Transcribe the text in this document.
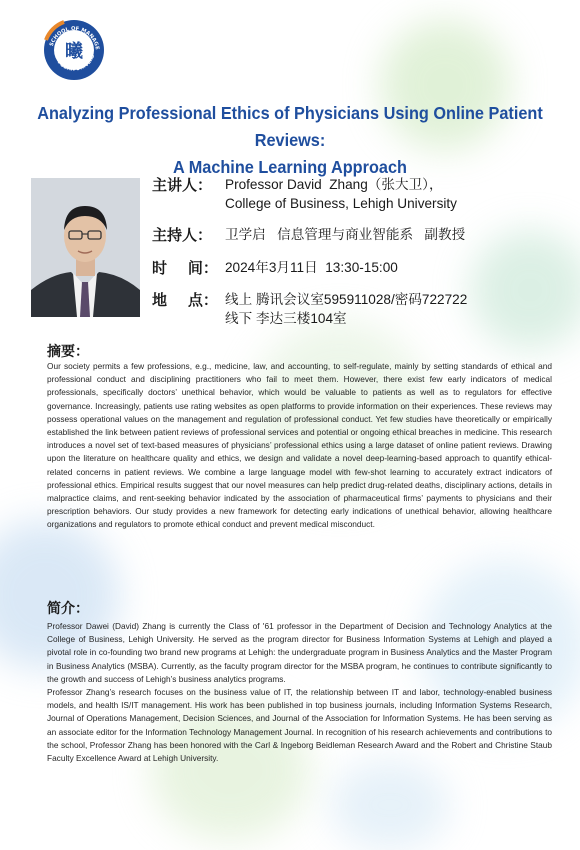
SCHOOL OF MANAGE
FUDAN UNIVERS
曦
Analyzing Professional Ethics of Physicians Using Online Patient Reviews:
A Machine Learning Approach
主讲人： Professor David  Zhang（张大卫），
College of Business, Lehigh University
主持人： 卫学启   信息管理与商业智能系   副教授
时    间： 2024年3月11日  13:30-15:00
地    点： 线上 腾讯会议室595911028/密码722722
线下 李达三楼104室
摘要：

Our society permits a few professions, e.g., medicine, law, and accounting, to self-regulate, mainly by setting standards of ethical and professional conduct and disciplining practitioners who fail to meet them. However, there exist few early indicators of medical professionals, specifically doctors’ unethical behavior, which would be valuable to patients as well as to regulators for effective governance. Increasingly, patients use rating websites as open platforms to provide information on their experiences. These reviews may possess operational values on the management and regulation of professional conduct. Yet few studies have theoretically or empirically established the link between patient reviews of professional services and potential or ongoing ethical breaches in medicine. This research introduces a novel set of text-based measures of physicians’ professional ethics using a large dataset of online patient reviews. Drawing upon the literature on healthcare quality and ethics, we design and validate a novel deep-learning-based approach to quantify ethical-related concerns in patient reviews. We combine a large language model with few-shot learning to accurately extract indicators of professional ethics. Empirical results suggest that our novel measures can help predict drug-related deaths, disciplinary actions, details in malpractice claims, and rent-seeking behavior indicated by the association of pharmaceutical firms’ payments to physicians and their prescription behaviors. Our study provides a new framework for detecting early indications of unethical behavior, allowing healthcare organizations and regulators to promote ethical conduct and prevent medical misconduct.

简介：

Professor Dawei (David) Zhang is currently the Class of '61 professor in the Department of Decision and Technology Analytics at the College of Business, Lehigh University. He served as the program director for Business Information Systems at Lehigh and played a pivotal role in co-founding two brand new programs at Lehigh: the undergraduate program in Business Analytics and the Master Program in Business Analytics (MSBA). Currently, as the faculty program director for the MSBA program, he continues to contribute significantly to the growth and success of Lehigh’s business analytics programs.

Professor Zhang’s research focuses on the business value of IT, the relationship between IT and labor, technology-enabled business models, and health IS/IT management. His work has been published in top business journals, including Information Systems Research, Journal of Operations Management, Decision Sciences, and Journal of the Association for Information Systems. He has been serving as an associate editor for the Information Technology Management Journal. In recognition of his research achievements and contributions to the school, Professor Zhang has been honored with the Carl & Ingeborg Beidleman Research Award and the Robert and Christine Staub Faculty Excellence Award at Lehigh University.
